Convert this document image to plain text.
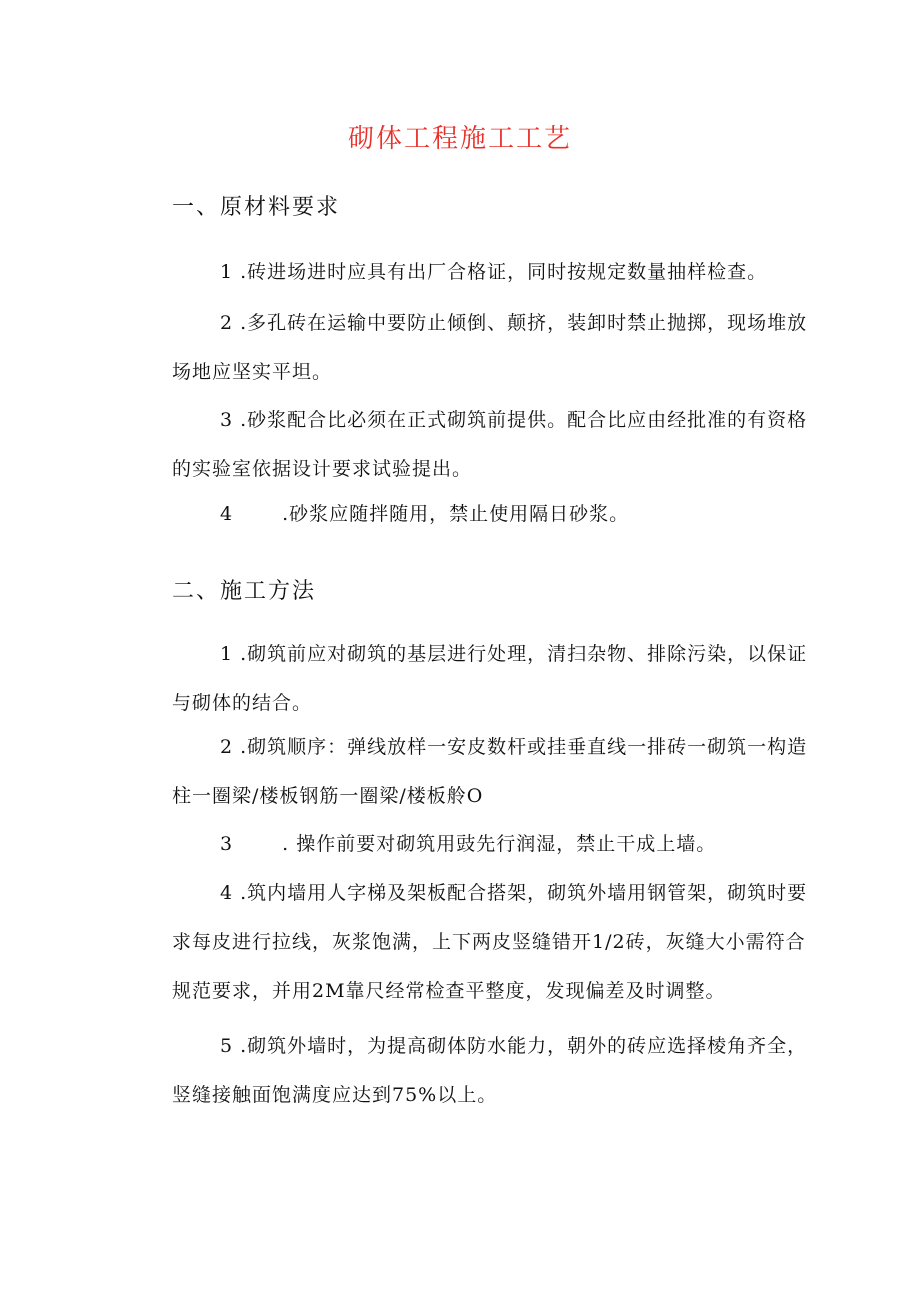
砌体工程施工工艺
一、原材料要求

1 .砖进场进时应具有出厂合格证，同时按规定数量抽样检查。

2 .多孔砖在运输中要防止倾倒、颠挤，装卸时禁止抛掷，现场堆放场地应坚实平坦。

3 .砂浆配合比必须在正式砌筑前提供。配合比应由经批准的有资格的实验室依据设计要求试验提出。

4	.砂浆应随拌随用，禁止使用隔日砂浆。

二、施工方法

1 .砌筑前应对砌筑的基层进行处理，清扫杂物、排除污染，以保证与砌体的结合。

2 .砌筑顺序：弹线放样一安皮数杆或挂垂直线一排砖一砌筑一构造柱一圈梁/楼板钢筋一圈梁/楼板舲O

3	. 操作前要对砌筑用豉先行润湿，禁止干成上墙。

4 .筑内墙用人字梯及架板配合搭架，砌筑外墙用钢管架，砌筑时要求每皮进行拉线，灰浆饱满，上下两皮竖缝错开1/2砖，灰缝大小需符合规范要求，并用2M靠尺经常检查平整度，发现偏差及时调整。

5 .砌筑外墙时，为提高砌体防水能力，朝外的砖应选择棱角齐全，竖缝接触面饱满度应达到75%以上。
